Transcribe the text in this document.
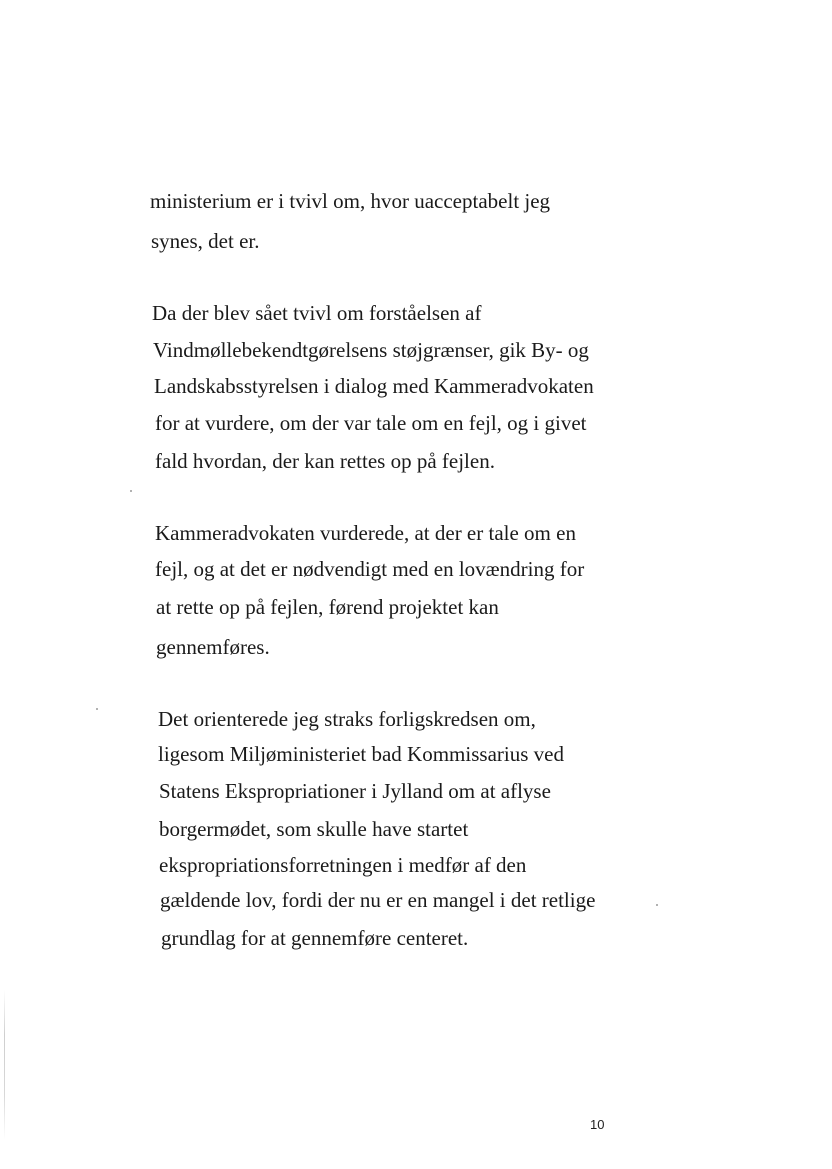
ministerium er i tvivl om, hvor uacceptabelt jeg
synes, det er.
Da der blev sået tvivl om forståelsen af
Vindmøllebekendtgørelsens støjgrænser, gik By- og
Landskabsstyrelsen i dialog med Kammeradvokaten
for at vurdere, om der var tale om en fejl, og i givet
fald hvordan, der kan rettes op på fejlen.
Kammeradvokaten vurderede, at der er tale om en
fejl, og at det er nødvendigt med en lovændring for
at rette op på fejlen, førend projektet kan
gennemføres.
Det orienterede jeg straks forligskredsen om,
ligesom Miljøministeriet bad Kommissarius ved
Statens Ekspropriationer i Jylland om at aflyse
borgermødet, som skulle have startet
ekspropriationsforretningen i medfør af den
gældende lov, fordi der nu er en mangel i det retlige
grundlag for at gennemføre centeret.
10
